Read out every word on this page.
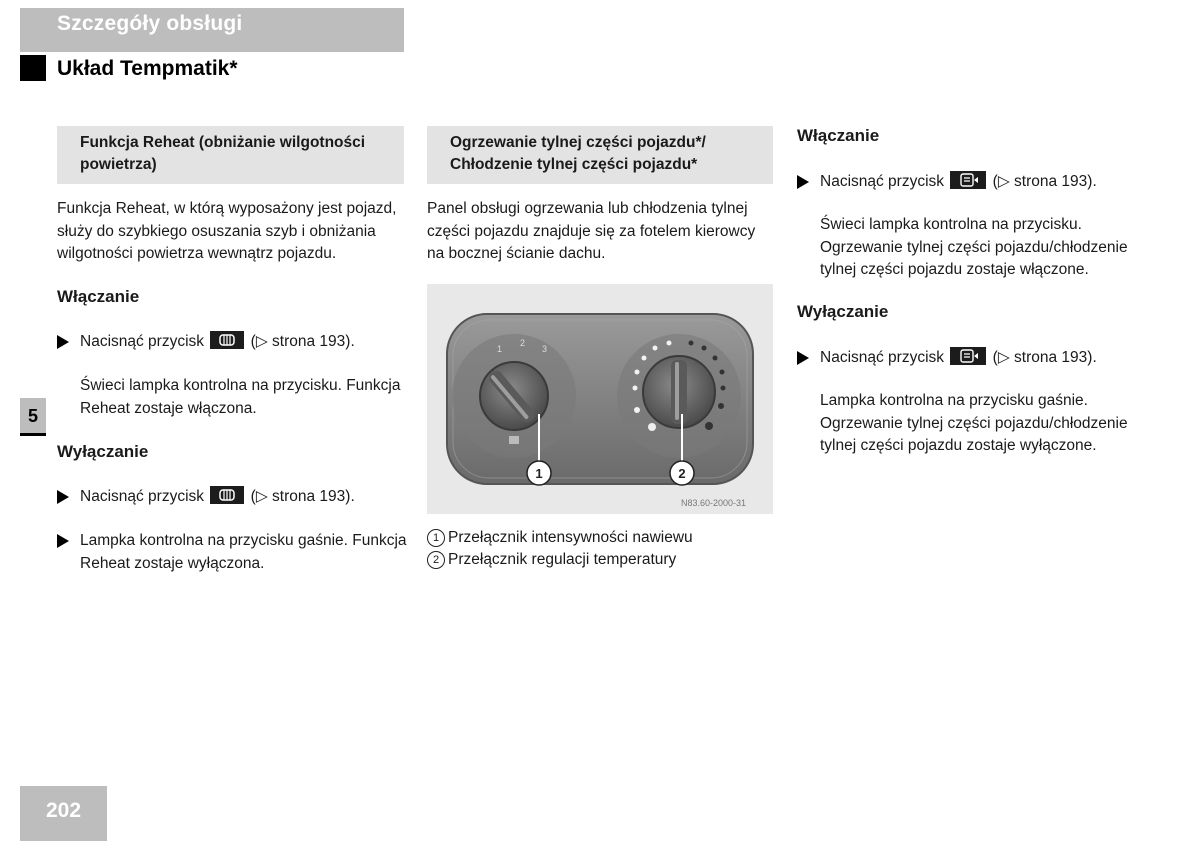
Szczegóły obsługi
Układ Tempmatik*
5
202
Funkcja Reheat (obniżanie wilgotności powietrza)
Funkcja Reheat, w którą wyposażony jest pojazd, służy do szybkiego osuszania szyb i obniżania wilgotności powietrza wewnątrz pojazdu.
Włączanie
Nacisnąć przycisk	(▷ strona 193).
Świeci lampka kontrolna na przycisku. Funkcja Reheat zostaje włączona.
Wyłączanie
Nacisnąć przycisk	(▷ strona 193).
Lampka kontrolna na przycisku gaśnie. Funkcja Reheat zostaje wyłączona.
Ogrzewanie tylnej części pojazdu*/ Chłodzenie tylnej części pojazdu*
Panel obsługi ogrzewania lub chłodzenia tylnej części pojazdu znajduje się za fotelem kierowcy na bocznej ścianie dachu.
1
2
3
1	2
N83.60-2000-31
1 Przełącznik intensywności nawiewu
2 Przełącznik regulacji temperatury
Włączanie
Nacisnąć przycisk	(▷ strona 193).
Świeci lampka kontrolna na przycisku. Ogrzewanie tylnej części pojazdu/chłodzenie tylnej części pojazdu zostaje włączone.
Wyłączanie
Nacisnąć przycisk	(▷ strona 193).
Lampka kontrolna na przycisku gaśnie. Ogrzewanie tylnej części pojazdu/chłodzenie tylnej części pojazdu zostaje wyłączone.
